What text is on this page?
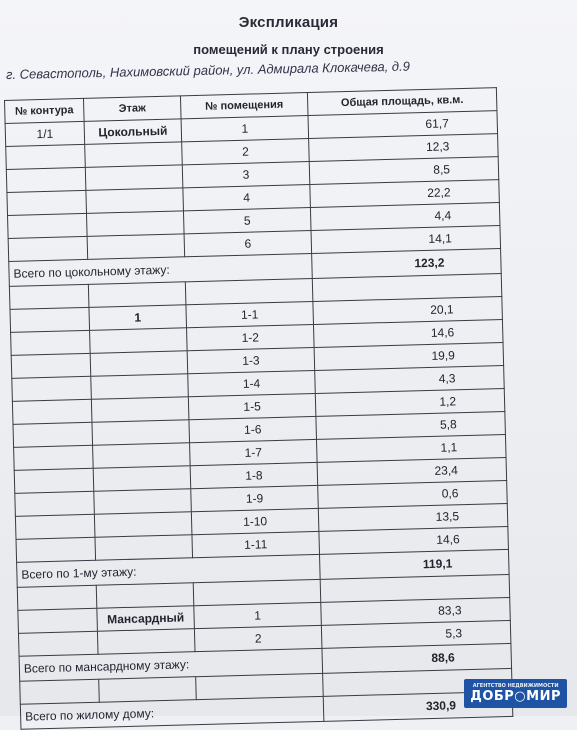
Экспликация
помещений к плану строения
г. Севастополь, Нахимовский район, ул. Адмирала Клокачева, д.9
№ контура	Этаж	№ помещения	Общая площадь, кв.м.
1/1	Цокольный	1	61,7
		2	12,3
		3	8,5
		4	22,2
		5	4,4
		6	14,1
Всего по цокольному этажу:			123,2

	1	1-1	20,1
		1-2	14,6
		1-3	19,9
		1-4	4,3
		1-5	1,2
		1-6	5,8
		1-7	1,1
		1-8	23,4
		1-9	0,6
		1-10	13,5
		1-11	14,6
Всего по 1-му этажу:			119,1

	Мансардный	1	83,3
		2	5,3
Всего по мансардному этажу:			88,6

Всего по жилому дому:			330,9
АГЕНТСТВО НЕДВИЖИМОСТИ
ДОБР○МИР
